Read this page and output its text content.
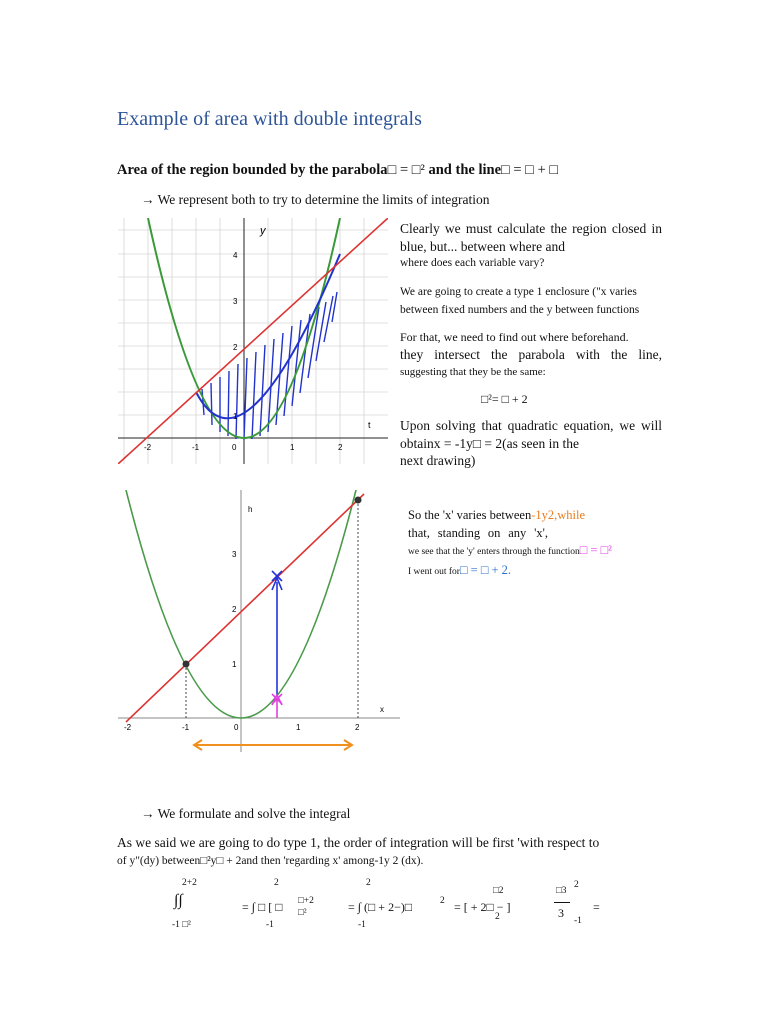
Example of area with double integrals
Area of the region bounded by the parabola□ = □² and the line□ = □ + □
→ We represent both to try to determine the limits of integration
y
t
1
2
3
4
-2	-1	0	1	2
Clearly we must calculate the region closed in blue, but... between where and
where does each variable vary?
We are going to create a type 1 enclosure ("x varies
between fixed numbers and the y between functions
For that, we need to find out where beforehand.
they intersect the parabola with the line,
suggesting that they be the same:
□²= □ + 2
Upon solving that quadratic equation, we will
obtainx = -1y□ = 2(as seen in the
next drawing)
h
x
1
2
3
-2	-1	0	1	2
So the 'x' varies between-1y2,while
that, standing on any 'x',
we see that the 'y' enters through the function□ = □²
I went out for□ = □ + 2.
→ We formulate and solve the integral
As we said we are going to do type 1, the order of integration will be first 'with respect to
of y"(dy) between□²y□ + 2and then 'regarding x' among-1y 2 (dx).
2+2
∫∫
-1 □²
2
= ∫ □ [ □ □+2
□²
-1
2
= ∫ (□ + 2−)□	2
-1
= [ + 2□ − ]
□2
2
□3
2
3
-1
=
